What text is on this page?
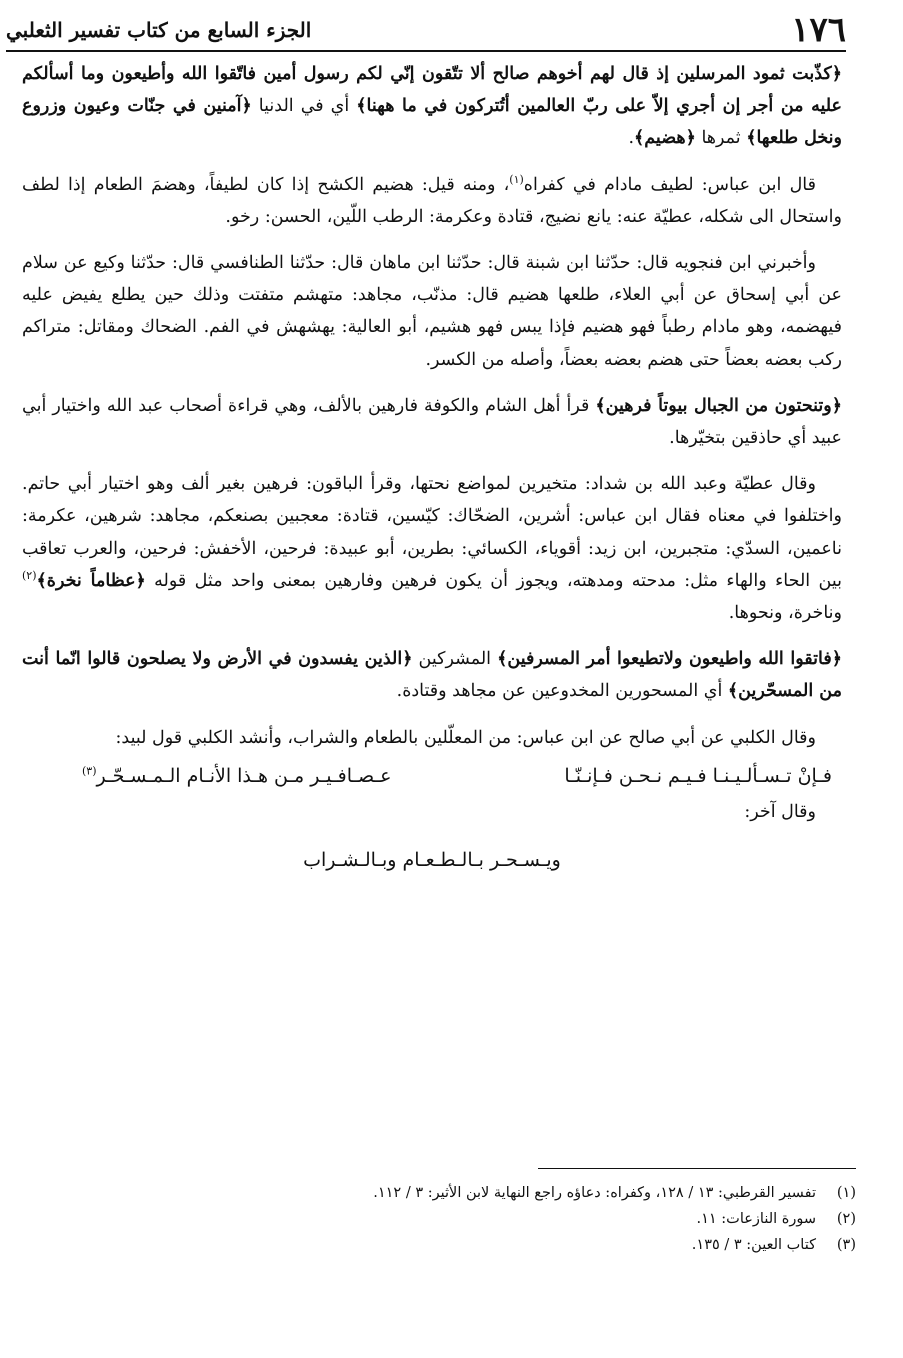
الجزء السابع من كتاب تفسير الثعلبي	١٧٦

﴿كذّبت ثمود المرسلين إذ قال لهم أخوهم صالح ألا تتّقون إنّي لكم رسول أمين فاتّقوا الله وأطيعون وما أسألكم عليه من أجر إن أجري إلاّ على ربّ العالمين أتُتركون في ما ههنا﴾ أي في الدنيا ﴿آمنين في جنّات وعيون وزروع ونخل طلعها﴾ ثمرها ﴿هضيم﴾.

قال ابن عباس: لطيف مادام في كفراه$^{(١)}$، ومنه قيل: هضيم الكشح إذا كان لطيفاً، وهضمَ الطعام إذا لطف واستحال الى شكله، عطيّة عنه: يانع نضيج، قتادة وعكرمة: الرطب اللّين، الحسن: رخو.

وأخبرني ابن فنجويه قال: حدّثنا ابن شبنة قال: حدّثنا ابن ماهان قال: حدّثنا الطنافسي قال: حدّثنا وكيع عن سلام عن أبي إسحاق عن أبي العلاء، طلعها هضيم قال: مذنّب، مجاهد: متهشم متفتت وذلك حين يطلع يفيض عليه فيهضمه، وهو مادام رطباً فهو هضيم فإذا يبس فهو هشيم، أبو العالية: يهشهش في الفم. الضحاك ومقاتل: متراكم ركب بعضه بعضاً حتى هضم بعضه بعضاً، وأصله من الكسر.

﴿وتنحتون من الجبال بيوتاً فرهين﴾ قرأ أهل الشام والكوفة فارهين بالألف، وهي قراءة أصحاب عبد الله واختيار أبي عبيد أي حاذقين بتخيّرها.

وقال عطيّة وعبد الله بن شداد: متخيرين لمواضع نحتها، وقرأ الباقون: فرهين بغير ألف وهو اختيار أبي حاتم. واختلفوا في معناه فقال ابن عباس: أشرين، الضحّاك: كيّسين، قتادة: معجبين بصنعكم، مجاهد: شرهين، عكرمة: ناعمين، السدّي: متجبرين، ابن زيد: أقوياء، الكسائي: بطرين، أبو عبيدة: فرحين، الأخفش: فرحين، والعرب تعاقب بين الحاء والهاء مثل: مدحته ومدهته، ويجوز أن يكون فرهين وفارهين بمعنى واحد مثل قوله ﴿عظاماً نخرة﴾$^{(٢)}$ وناخرة، ونحوها.

﴿فاتقوا الله واطيعون ولاتطيعوا أمر المسرفين﴾ المشركين ﴿الذين يفسدون في الأرض ولا يصلحون قالوا انّما أنت من المسحّرين﴾ أي المسحورين المخدوعين عن مجاهد وقتادة.

وقال الكلبي عن أبي صالح عن ابن عباس: من المعلّلين بالطعام والشراب، وأنشد الكلبي قول لبيد:

فـإنْ تـسـألـيـنـا فـيـم نـحـن فـإنـنّـا
عـصـافـيـر مـن هـذا الأنـام الـمـسـحّـر$^{(٣)}$

وقال آخر:

ويـسـحـر بـالـطـعـام وبـالـشـراب
(١)تفسير القرطبي: ١٣ / ١٢٨، وكفراه: دعاؤه راجع النهاية لابن الأثير: ٣ / ١١٢.
(٢)سورة النازعات: ١١.
(٣)كتاب العين: ٣ / ١٣٥.
